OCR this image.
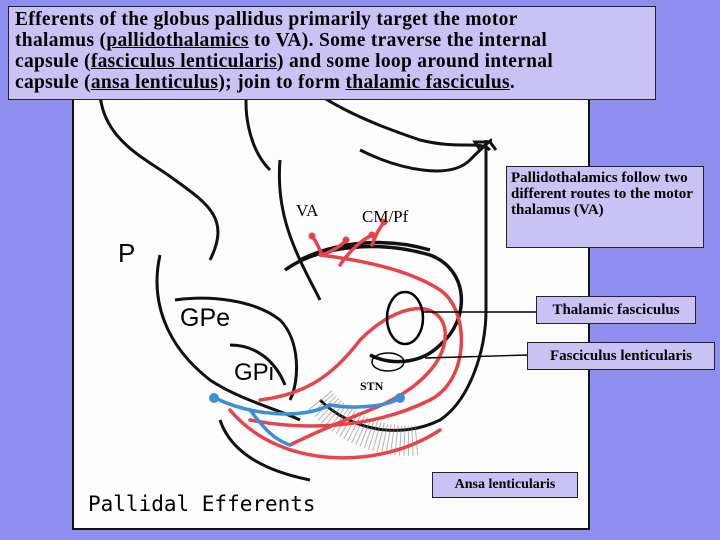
VA	CM/Pf
P
GPe
GPi	STN
Efferents of the globus pallidus primarily target the motor
thalamus (pallidothalamics to VA). Some traverse the internal
capsule (fasciculus lenticularis) and some loop around internal
capsule (ansa lenticulus); join to form thalamic fasciculus.
Pallidothalamics follow two different routes to the motor thalamus (VA)
Thalamic fasciculus
Fasciculus lenticularis
Ansa lenticularis
Pallidal Efferents
